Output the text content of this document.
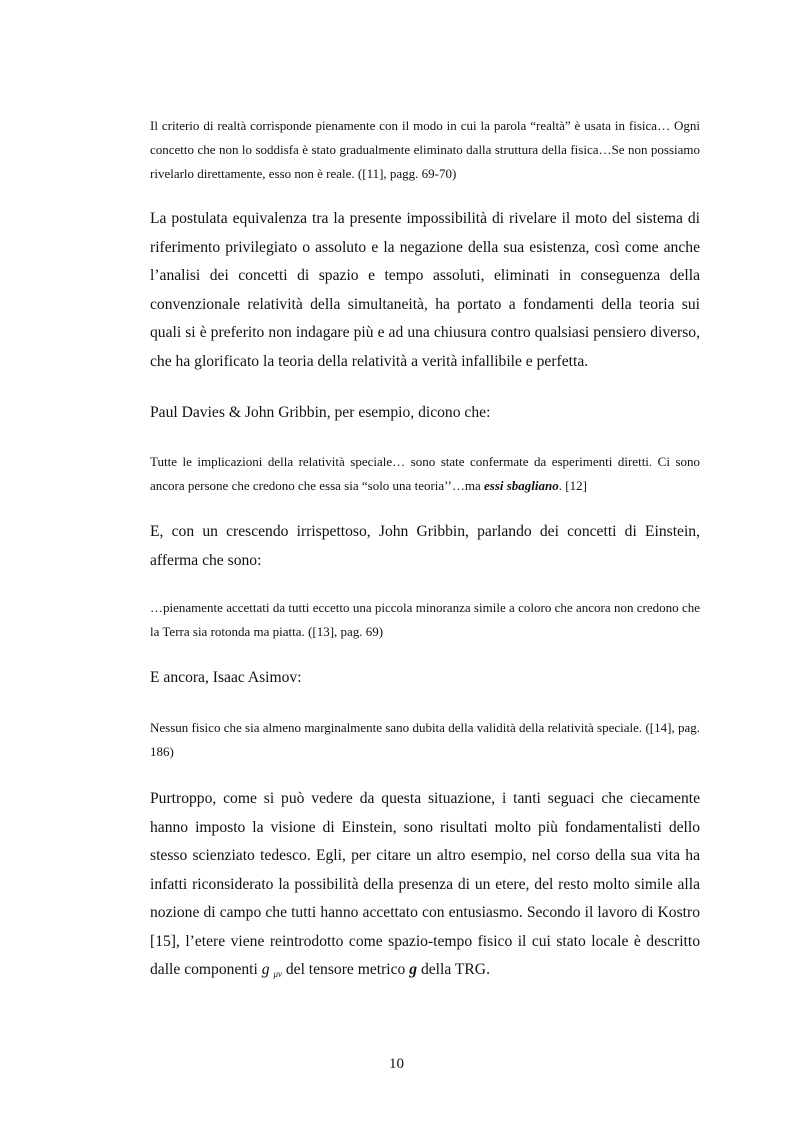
Il criterio di realtà corrisponde pienamente con il modo in cui la parola “realtà” è usata in fisica… Ogni concetto che non lo soddisfa è stato gradualmente eliminato dalla struttura della fisica…Se non possiamo rivelarlo direttamente, esso non è reale. ([11], pagg. 69-70)

La postulata equivalenza tra la presente impossibilità di rivelare il moto del sistema di riferimento privilegiato o assoluto e la negazione della sua esistenza, così come anche l’analisi dei concetti di spazio e tempo assoluti, eliminati in conseguenza della convenzionale relatività della simultaneità, ha portato a fondamenti della teoria sui quali si è preferito non indagare più e ad una chiusura contro qualsiasi pensiero diverso, che ha glorificato la teoria della relatività a verità infallibile e perfetta.

Paul Davies & John Gribbin, per esempio, dicono che:

Tutte le implicazioni della relatività speciale… sono state confermate da esperimenti diretti. Ci sono ancora persone che credono che essa sia “solo una teoria’’…ma essi sbagliano. [12]

E, con un crescendo irrispettoso, John Gribbin, parlando dei concetti di Einstein, afferma che sono:

…pienamente accettati da tutti eccetto una piccola minoranza simile a coloro che ancora non credono che la Terra sia rotonda ma piatta. ([13], pag. 69)

E ancora, Isaac Asimov:

Nessun fisico che sia almeno marginalmente sano dubita della validità della relatività speciale. ([14], pag. 186)

Purtroppo, come si può vedere da questa situazione, i tanti seguaci che ciecamente hanno imposto la visione di Einstein, sono risultati molto più fondamentalisti dello stesso scienziato tedesco. Egli, per citare un altro esempio, nel corso della sua vita ha infatti riconsiderato la possibilità della presenza di un etere, del resto molto simile alla nozione di campo che tutti hanno accettato con entusiasmo. Secondo il lavoro di Kostro [15], l’etere viene reintrodotto come spazio-tempo fisico il cui stato locale è descritto dalle componenti g μν del tensore metrico g della TRG.

10
